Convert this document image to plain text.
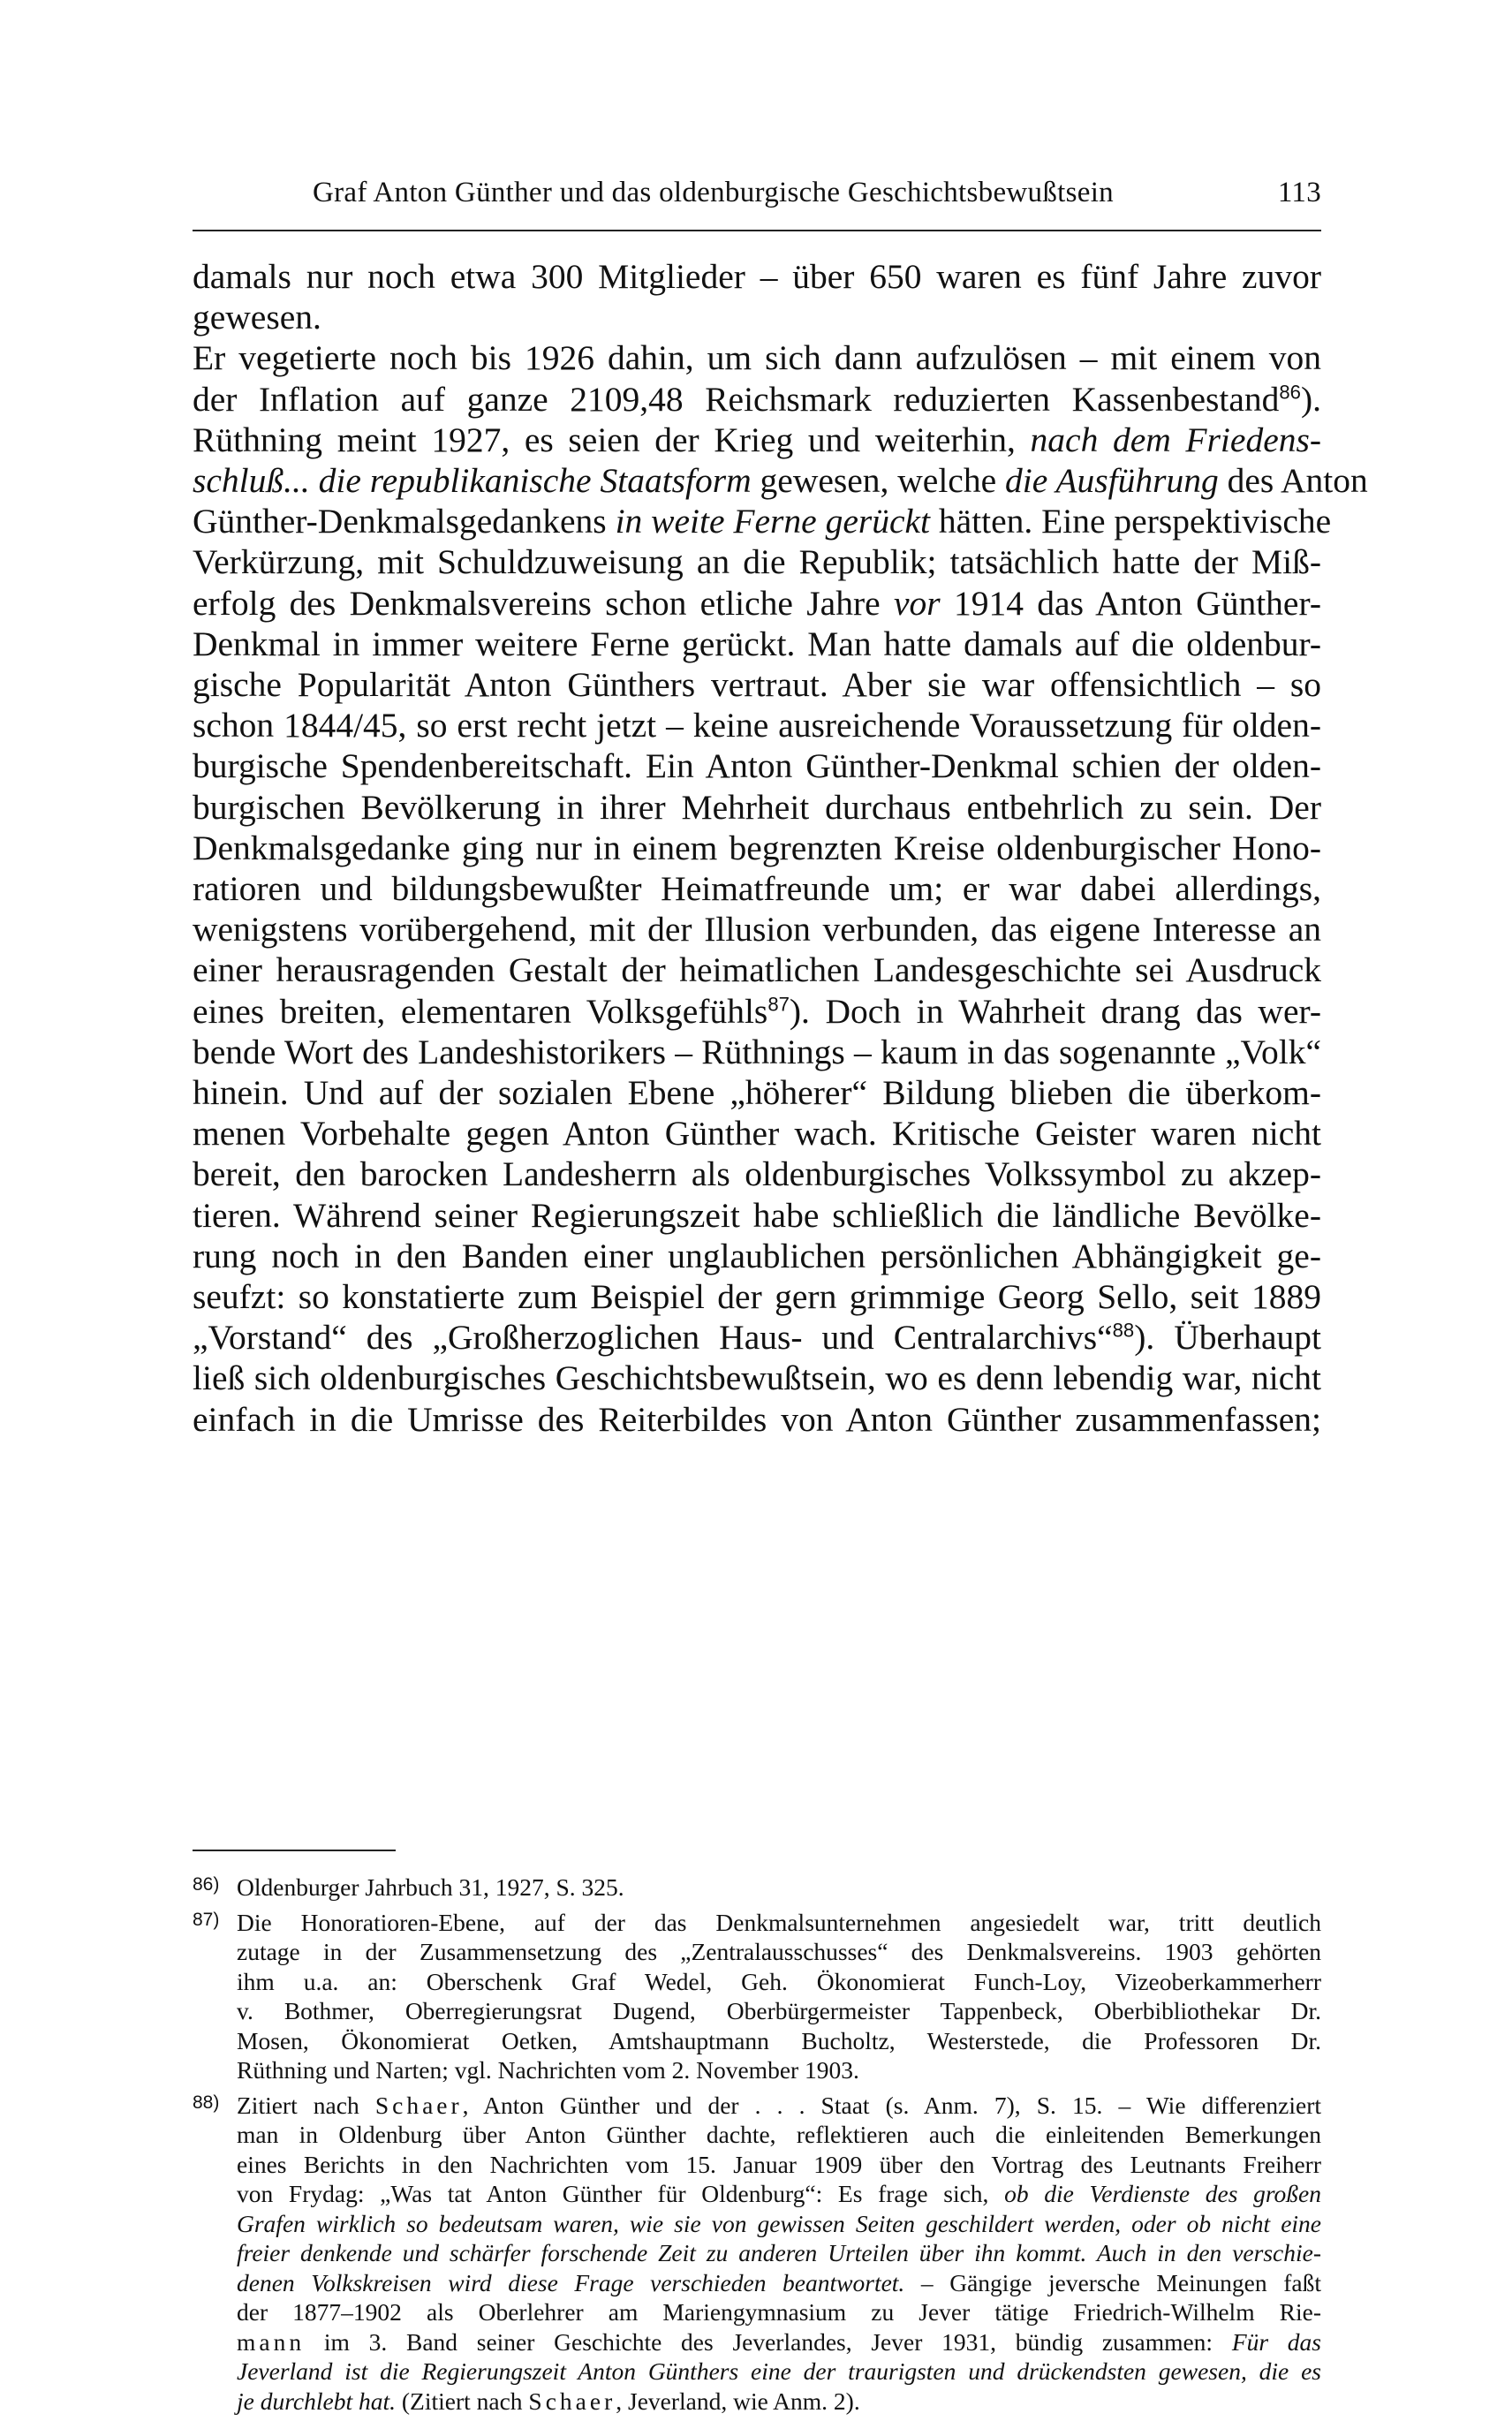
Graf Anton Günther und das oldenburgische Geschichtsbewußtsein	113

damals nur noch etwa 300 Mitglieder – über 650 waren es fünf Jahre zuvor
gewesen.

Er vegetierte noch bis 1926 dahin, um sich dann aufzulösen – mit einem von
der Inflation auf ganze 2109,48 Reichsmark reduzierten Kassenbestand$^{86}$).
Rüthning meint 1927, es seien der Krieg und weiterhin, nach dem Friedens-
schluß... die republikanische Staatsform gewesen, welche die Ausführung des Anton
Günther-Denkmalsgedankens in weite Ferne gerückt hätten. Eine perspektivische
Verkürzung, mit Schuldzuweisung an die Republik; tatsächlich hatte der Miß-
erfolg des Denkmalsvereins schon etliche Jahre vor 1914 das Anton Günther-
Denkmal in immer weitere Ferne gerückt. Man hatte damals auf die oldenbur-
gische Popularität Anton Günthers vertraut. Aber sie war offensichtlich – so
schon 1844/45, so erst recht jetzt – keine ausreichende Voraussetzung für olden-
burgische Spendenbereitschaft. Ein Anton Günther-Denkmal schien der olden-
burgischen Bevölkerung in ihrer Mehrheit durchaus entbehrlich zu sein. Der
Denkmalsgedanke ging nur in einem begrenzten Kreise oldenburgischer Hono-
ratioren und bildungsbewußter Heimatfreunde um; er war dabei allerdings,
wenigstens vorübergehend, mit der Illusion verbunden, das eigene Interesse an
einer herausragenden Gestalt der heimatlichen Landesgeschichte sei Ausdruck
eines breiten, elementaren Volksgefühls$^{87}$). Doch in Wahrheit drang das wer-
bende Wort des Landeshistorikers – Rüthnings – kaum in das sogenannte „Volk“
hinein. Und auf der sozialen Ebene „höherer“ Bildung blieben die überkom-
menen Vorbehalte gegen Anton Günther wach. Kritische Geister waren nicht
bereit, den barocken Landesherrn als oldenburgisches Volkssymbol zu akzep-
tieren. Während seiner Regierungszeit habe schließlich die ländliche Bevölke-
rung noch in den Banden einer unglaublichen persönlichen Abhängigkeit ge-
seufzt: so konstatierte zum Beispiel der gern grimmige Georg Sello, seit 1889
„Vorstand“ des „Großherzoglichen Haus- und Centralarchivs“$^{88}$). Überhaupt
ließ sich oldenburgisches Geschichtsbewußtsein, wo es denn lebendig war, nicht
einfach in die Umrisse des Reiterbildes von Anton Günther zusammenfassen;

86) Oldenburger Jahrbuch 31, 1927, S. 325.
87) Die Honoratioren-Ebene, auf der das Denkmalsunternehmen angesiedelt war, tritt deutlich
zutage in der Zusammensetzung des „Zentralausschusses“ des Denkmalsvereins. 1903 gehörten
ihm u.a. an: Oberschenk Graf Wedel, Geh. Ökonomierat Funch-Loy, Vizeoberkammerherr
v. Bothmer, Oberregierungsrat Dugend, Oberbürgermeister Tappenbeck, Oberbibliothekar Dr.
Mosen, Ökonomierat Oetken, Amtshauptmann Bucholtz, Westerstede, die Professoren Dr.
Rüthning und Narten; vgl. Nachrichten vom 2. November 1903.
88) Zitiert nach Schaer, Anton Günther und der . . . Staat (s. Anm. 7), S. 15. – Wie differenziert
man in Oldenburg über Anton Günther dachte, reflektieren auch die einleitenden Bemerkungen
eines Berichts in den Nachrichten vom 15. Januar 1909 über den Vortrag des Leutnants Freiherr
von Frydag: „Was tat Anton Günther für Oldenburg“: Es frage sich, ob die Verdienste des großen
Grafen wirklich so bedeutsam waren, wie sie von gewissen Seiten geschildert werden, oder ob nicht eine
freier denkende und schärfer forschende Zeit zu anderen Urteilen über ihn kommt. Auch in den verschie-
denen Volkskreisen wird diese Frage verschieden beantwortet. – Gängige jeversche Meinungen faßt
der 1877–1902 als Oberlehrer am Mariengymnasium zu Jever tätige Friedrich-Wilhelm Rie-
mann im 3. Band seiner Geschichte des Jeverlandes, Jever 1931, bündig zusammen: Für das
Jeverland ist die Regierungszeit Anton Günthers eine der traurigsten und drückendsten gewesen, die es
je durchlebt hat. (Zitiert nach Schaer, Jeverland, wie Anm. 2).
